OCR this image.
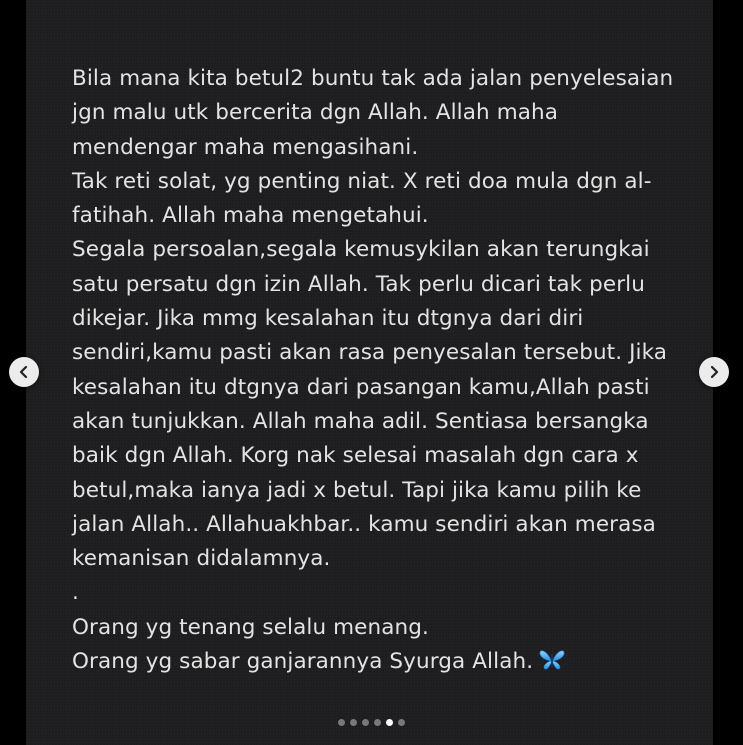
Bila mana kita betul2 buntu tak ada jalan penyelesaian
jgn malu utk bercerita dgn Allah. Allah maha
mendengar maha mengasihani.
Tak reti solat, yg penting niat. X reti doa mula dgn al-
fatihah. Allah maha mengetahui.
Segala persoalan,segala kemusykilan akan terungkai
satu persatu dgn izin Allah. Tak perlu dicari tak perlu
dikejar. Jika mmg kesalahan itu dtgnya dari diri
sendiri,kamu pasti akan rasa penyesalan tersebut. Jika
kesalahan itu dtgnya dari pasangan kamu,Allah pasti
akan tunjukkan. Allah maha adil. Sentiasa bersangka
baik dgn Allah. Korg nak selesai masalah dgn cara x
betul,maka ianya jadi x betul. Tapi jika kamu pilih ke
jalan Allah.. Allahuakhbar.. kamu sendiri akan merasa
kemanisan didalamnya.
.
Orang yg tenang selalu menang.
Orang yg sabar ganjarannya Syurga Allah.
